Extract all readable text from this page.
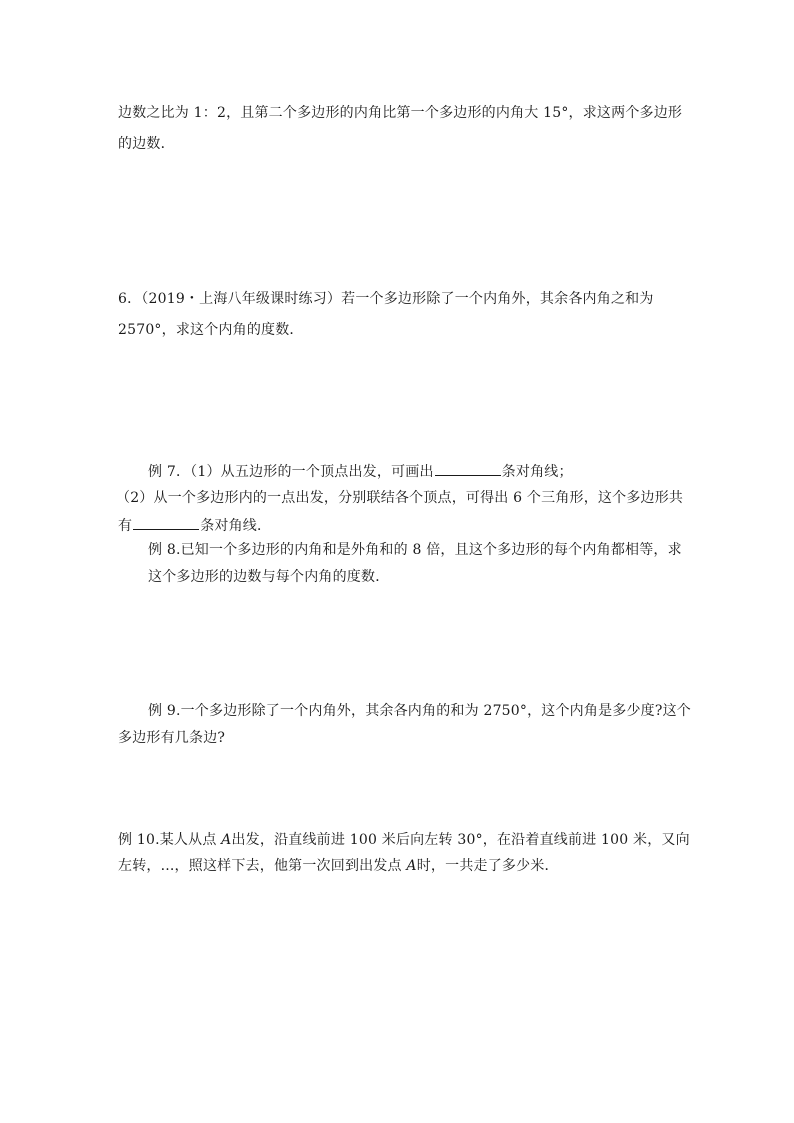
边数之比为 1：2，且第二个多边形的内角比第一个多边形的内角大 15°，求这两个多边形
的边数．
6．（2019・上海八年级课时练习）若一个多边形除了一个内角外，其余各内角之和为
2570°，求这个内角的度数．
例 7．（1）从五边形的一个顶点出发，可画出	条对角线；
（2）从一个多边形内的一点出发，分别联结各个顶点，可得出 6 个三角形，这个多边形共
有	条对角线．
例 8.已知一个多边形的内角和是外角和的 8 倍，且这个多边形的每个内角都相等，求
这个多边形的边数与每个内角的度数．
例 9.一个多边形除了一个内角外，其余各内角的和为 2750°，这个内角是多少度?这个
多边形有几条边?
例 10.某人从点 A出发，沿直线前进 100 米后向左转 30°，在沿着直线前进 100 米，又向
左转，...，照这样下去，他第一次回到出发点 A时，一共走了多少米．
